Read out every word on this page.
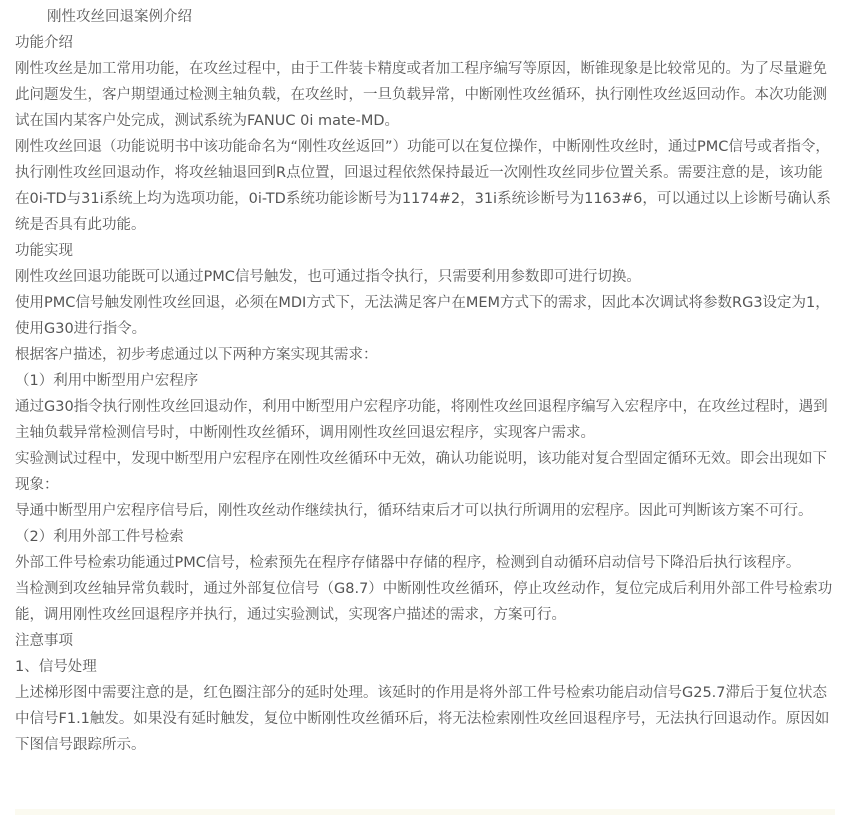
刚性攻丝回退案例介绍

功能介绍

刚性攻丝是加工常用功能，在攻丝过程中，由于工件装卡精度或者加工程序编写等原因，断锥现象是比较常见的。为了尽量避免此问题发生，客户期望通过检测主轴负载，在攻丝时，一旦负载异常，中断刚性攻丝循环，执行刚性攻丝返回动作。本次功能测试在国内某客户处完成，测试系统为FANUC 0i mate-MD。

刚性攻丝回退（功能说明书中该功能命名为“刚性攻丝返回”）功能可以在复位操作，中断刚性攻丝时，通过PMC信号或者指令，执行刚性攻丝回退动作，将攻丝轴退回到R点位置，回退过程依然保持最近一次刚性攻丝同步位置关系。需要注意的是，该功能在0i-TD与31i系统上均为选项功能，0i-TD系统功能诊断号为1174#2，31i系统诊断号为1163#6，可以通过以上诊断号确认系统是否具有此功能。

功能实现

刚性攻丝回退功能既可以通过PMC信号触发，也可通过指令执行，只需要利用参数即可进行切换。

使用PMC信号触发刚性攻丝回退，必须在MDI方式下，无法满足客户在MEM方式下的需求，因此本次调试将参数RG3设定为1，使用G30进行指令。

根据客户描述，初步考虑通过以下两种方案实现其需求：

（1）利用中断型用户宏程序

通过G30指令执行刚性攻丝回退动作，利用中断型用户宏程序功能，将刚性攻丝回退程序编写入宏程序中，在攻丝过程时，遇到主轴负载异常检测信号时，中断刚性攻丝循环，调用刚性攻丝回退宏程序，实现客户需求。

实验测试过程中，发现中断型用户宏程序在刚性攻丝循环中无效，确认功能说明，该功能对复合型固定循环无效。即会出现如下现象：

导通中断型用户宏程序信号后，刚性攻丝动作继续执行，循环结束后才可以执行所调用的宏程序。因此可判断该方案不可行。

（2）利用外部工件号检索

外部工件号检索功能通过PMC信号，检索预先在程序存储器中存储的程序，检测到自动循环启动信号下降沿后执行该程序。

当检测到攻丝轴异常负载时，通过外部复位信号（G8.7）中断刚性攻丝循环，停止攻丝动作，复位完成后利用外部工件号检索功能，调用刚性攻丝回退程序并执行，通过实验测试，实现客户描述的需求，方案可行。

注意事项

1、信号处理

上述梯形图中需要注意的是，红色圈注部分的延时处理。该延时的作用是将外部工件号检索功能启动信号G25.7滞后于复位状态中信号F1.1触发。如果没有延时触发，复位中断刚性攻丝循环后，将无法检索刚性攻丝回退程序号，无法执行回退动作。原因如下图信号跟踪所示。
